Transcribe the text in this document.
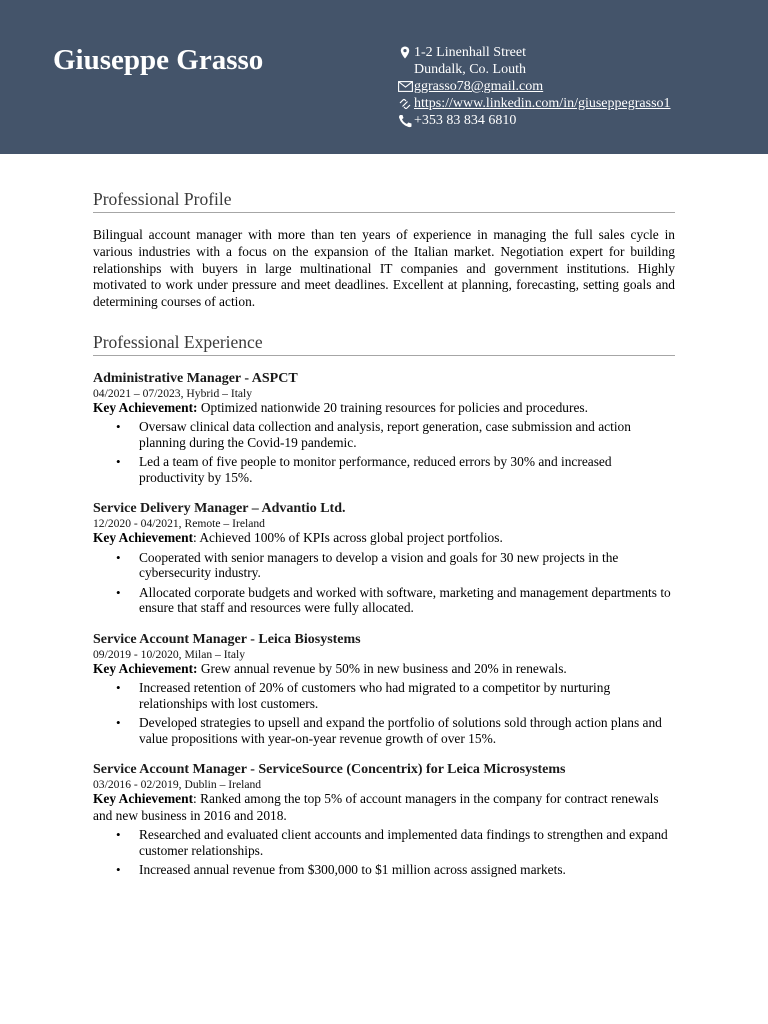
Giuseppe Grasso	1-2 Linenhall Street
Dundalk, Co. Louth
ggrasso78@gmail.com
https://www.linkedin.com/in/giuseppegrasso1
+353 83 834 6810
Professional Profile

Bilingual account manager with more than ten years of experience in managing the full sales cycle in various industries with a focus on the expansion of the Italian market. Negotiation expert for building relationships with buyers in large multinational IT companies and government institutions. Highly motivated to work under pressure and meet deadlines. Excellent at planning, forecasting, setting goals and determining courses of action.

Professional Experience
Administrative Manager - ASPCT
04/2021 – 07/2023, Hybrid – Italy
Key Achievement: Optimized nationwide 20 training resources for policies and procedures.
• Oversaw clinical data collection and analysis, report generation, case submission and action planning during the Covid-19 pandemic.
• Led a team of five people to monitor performance, reduced errors by 30% and increased productivity by 15%.
Service Delivery Manager – Advantio Ltd.
12/2020 - 04/2021, Remote – Ireland
Key Achievement: Achieved 100% of KPIs across global project portfolios.
• Cooperated with senior managers to develop a vision and goals for 30 new projects in the cybersecurity industry.
• Allocated corporate budgets and worked with software, marketing and management departments to ensure that staff and resources were fully allocated.
Service Account Manager - Leica Biosystems
09/2019 - 10/2020, Milan – Italy
Key Achievement: Grew annual revenue by 50% in new business and 20% in renewals.
• Increased retention of 20% of customers who had migrated to a competitor by nurturing relationships with lost customers.
• Developed strategies to upsell and expand the portfolio of solutions sold through action plans and value propositions with year-on-year revenue growth of over 15%.
Service Account Manager - ServiceSource (Concentrix) for Leica Microsystems
03/2016 - 02/2019, Dublin – Ireland
Key Achievement: Ranked among the top 5% of account managers in the company for contract renewals and new business in 2016 and 2018.
• Researched and evaluated client accounts and implemented data findings to strengthen and expand customer relationships.
• Increased annual revenue from $300,000 to $1 million across assigned markets.
